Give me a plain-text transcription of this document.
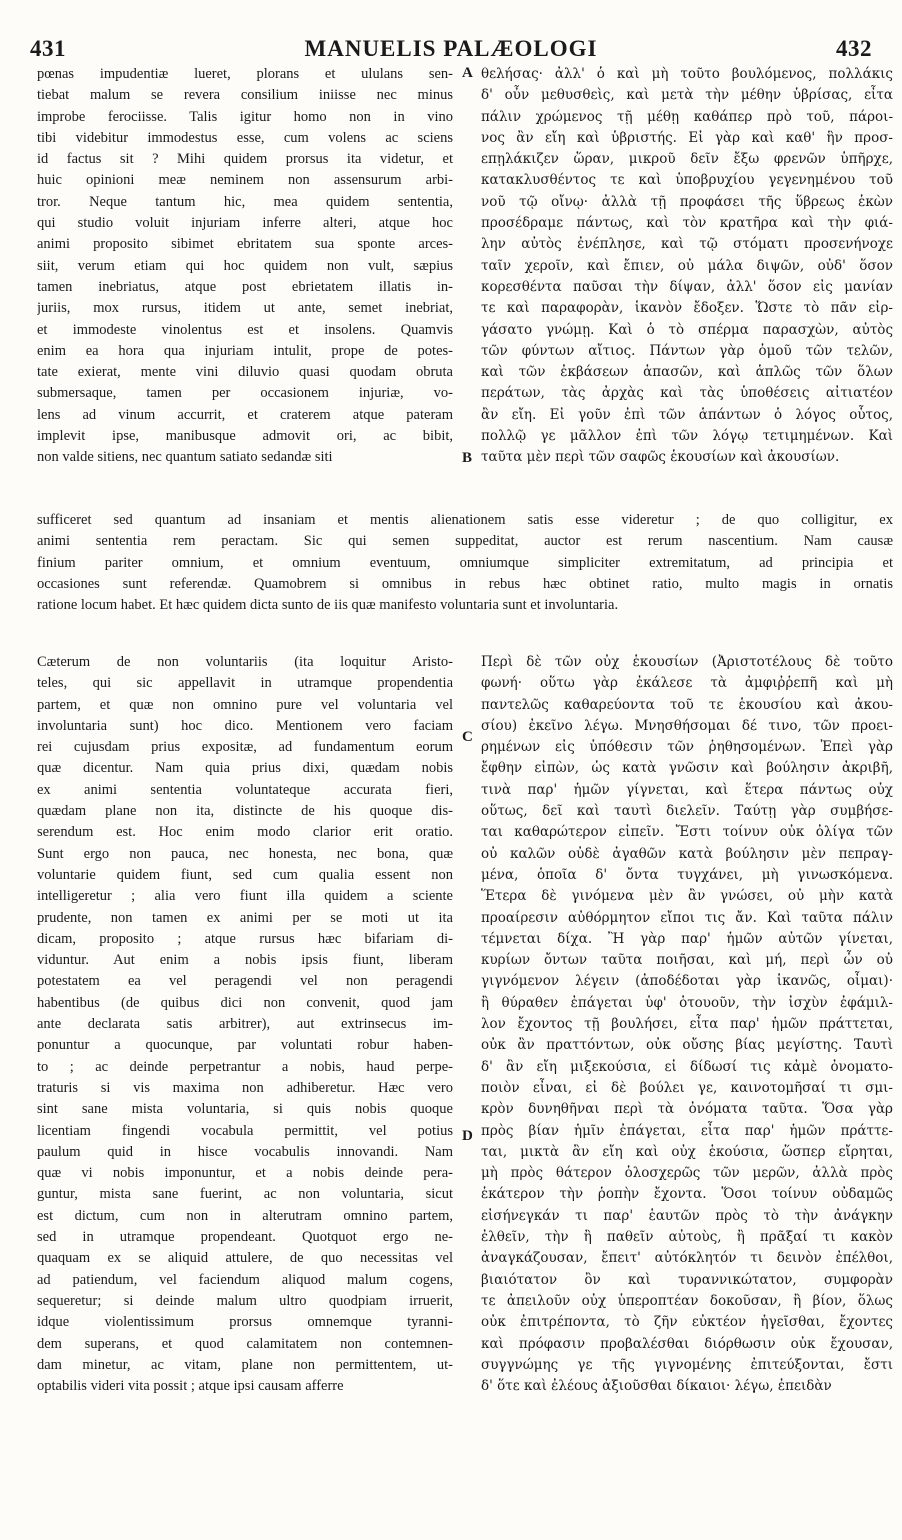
431	MANUELIS PALÆOLOGI	432
pœnas impudentiæ lueret, plorans et ululans sen-
tiebat malum se revera consilium iniisse nec minus
improbe ferociisse. Talis igitur homo non in vino
tibi videbitur immodestus esse, cum volens ac sciens
id factus sit ? Mihi quidem prorsus ita videtur, et
huic opinioni meæ neminem non assensurum arbi-
tror. Neque tantum hic, mea quidem sententia,
qui studio voluit injuriam inferre alteri, atque hoc
animi proposito sibimet ebritatem sua sponte arces-
siit, verum etiam qui hoc quidem non vult, sæpius
tamen inebriatus, atque post ebrietatem illatis in-
juriis, mox rursus, itidem ut ante, semet inebriat,
et immodeste vinolentus est et insolens. Quamvis
enim ea hora qua injuriam intulit, prope de potes-
tate exierat, mente vini diluvio quasi quodam obruta
submersaque, tamen per occasionem injuriæ, vo-
lens ad vinum accurrit, et craterem atque pateram
implevit ipse, manibusque admovit ori, ac bibit,
non valde sitiens, nec quantum satiato sedandæ siti
θελήσας· ἀλλ' ὁ καὶ μὴ τοῦτο βουλόμενος, πολλάκις
δ' οὖν μεθυσθεὶς, καὶ μετὰ τὴν μέθην ὑβρίσας, εἶτα
πάλιν χρώμενος τῇ μέθῃ καθάπερ πρὸ τοῦ, πάροι-
νος ἂν εἴη καὶ ὑβριστής. Εἰ γὰρ καὶ καθ' ἣν προσ-
επῃλάκιζεν ὥραν, μικροῦ δεῖν ἔξω φρενῶν ὑπῆρχε,
κατακλυσθέντος τε καὶ ὑποβρυχίου γεγενημένου τοῦ
νοῦ τῷ οἴνῳ· ἀλλὰ τῇ προφάσει τῆς ὕβρεως ἑκὼν
προσέδραμε πάντως, καὶ τὸν κρατῆρα καὶ τὴν φιά-
λην αὐτὸς ἐνέπλησε, καὶ τῷ στόματι προσενήνοχε
ταῖν χεροῖν, καὶ ἔπιεν, οὐ μάλα διψῶν, οὐδ' ὅσον
κορεσθέντα παῦσαι τὴν δίψαν, ἀλλ' ὅσον εἰς μανίαν
τε καὶ παραφορὰν, ἱκανὸν ἔδοξεν. Ὥστε τὸ πᾶν εἰρ-
γάσατο γνώμῃ. Καὶ ὁ τὸ σπέρμα παρασχὼν, αὐτὸς
τῶν φύντων αἴτιος. Πάντων γὰρ ὁμοῦ τῶν τελῶν,
καὶ τῶν ἐκβάσεων ἁπασῶν, καὶ ἁπλῶς τῶν ὅλων
περάτων, τὰς ἀρχὰς καὶ τὰς ὑποθέσεις αἰτιατέον
ἂν εἴη. Εἰ γοῦν ἐπὶ τῶν ἁπάντων ὁ λόγος οὗτος,
πολλῷ γε μᾶλλον ἐπὶ τῶν λόγῳ τετιμημένων. Καὶ
ταῦτα μὲν περὶ τῶν σαφῶς ἑκουσίων καὶ ἀκουσίων.
sufficeret sed quantum ad insaniam et mentis alienationem satis esse videretur ; de quo colligitur, ex
animi sententia rem peractam. Sic qui semen suppeditat, auctor est rerum nascentium. Nam causæ
finium pariter omnium, et omnium eventuum, omniumque simpliciter extremitatum, ad principia et
occasiones sunt referendæ. Quamobrem si omnibus in rebus hæc obtinet ratio, multo magis in ornatis
ratione locum habet. Et hæc quidem dicta sunto de iis quæ manifesto voluntaria sunt et involuntaria.
Cæterum de non voluntariis (ita loquitur Aristo-
teles, qui sic appellavit in utramque propendentia
partem, et quæ non omnino pure vel voluntaria vel
involuntaria sunt) hoc dico. Mentionem vero faciam
rei cujusdam prius expositæ, ad fundamentum eorum
quæ dicentur. Nam quia prius dixi, quædam nobis
ex animi sententia voluntateque accurata fieri,
quædam plane non ita, distincte de his quoque dis-
serendum est. Hoc enim modo clarior erit oratio.
Sunt ergo non pauca, nec honesta, nec bona, quæ
voluntarie quidem fiunt, sed cum qualia essent non
intelligeretur ; alia vero fiunt illa quidem a sciente
prudente, non tamen ex animi per se moti ut ita
dicam, proposito ; atque rursus hæc bifariam di-
viduntur. Aut enim a nobis ipsis fiunt, liberam
potestatem ea vel peragendi vel non peragendi
habentibus (de quibus dici non convenit, quod jam
ante declarata satis arbitrer), aut extrinsecus im-
ponuntur a quocunque, par voluntati robur haben-
to ; ac deinde perpetrantur a nobis, haud perpe-
traturis si vis maxima non adhiberetur. Hæc vero
sint sane mista voluntaria, si quis nobis quoque
licentiam fingendi vocabula permittit, vel potius
paulum quid in hisce vocabulis innovandi. Nam
quæ vi nobis imponuntur, et a nobis deinde pera-
guntur, mista sane fuerint, ac non voluntaria, sicut
est dictum, cum non in alterutram omnino partem,
sed in utramque propendeant. Quotquot ergo ne-
quaquam ex se aliquid attulere, de quo necessitas vel
ad patiendum, vel faciendum aliquod malum cogens,
sequeretur; si deinde malum ultro quodpiam irruerit,
idque violentissimum prorsus omnemque tyranni-
dem superans, et quod calamitatem non contemnen-
dam minetur, ac vitam, plane non permittentem, ut-
optabilis videri vita possit ; atque ipsi causam afferre
Περὶ δὲ τῶν οὐχ ἑκουσίων (Ἀριστοτέλους δὲ τοῦτο
φωνή· οὕτω γὰρ ἐκάλεσε τὰ ἀμφιῤῥεπῆ καὶ μὴ
παντελῶς καθαρεύοντα τοῦ τε ἑκουσίου καὶ ἀκου-
σίου) ἐκεῖνο λέγω. Μνησθήσομαι δέ τινο, τῶν προει-
ρημένων εἰς ὑπόθεσιν τῶν ῥηθησομένων. Ἐπεὶ γὰρ
ἔφθην εἰπὼν, ὡς κατὰ γνῶσιν καὶ βούλησιν ἀκριβῆ,
τινὰ παρ' ἡμῶν γίγνεται, καὶ ἕτερα πάντως οὐχ
οὕτως, δεῖ καὶ ταυτὶ διελεῖν. Ταύτῃ γὰρ συμβήσε-
ται καθαρώτερον εἰπεῖν. Ἔστι τοίνυν οὐκ ὀλίγα τῶν
οὐ καλῶν οὐδὲ ἀγαθῶν κατὰ βούλησιν μὲν πεπραγ-
μένα, ὁποῖα δ' ὄντα τυγχάνει, μὴ γινωσκόμενα.
Ἕτερα δὲ γινόμενα μὲν ἂν γνώσει, οὐ μὴν κατὰ
προαίρεσιν αὐθόρμητον εἴποι τις ἄν. Καὶ ταῦτα πάλιν
τέμνεται δίχα. Ἢ γὰρ παρ' ἡμῶν αὐτῶν γίνεται,
κυρίων ὄντων ταῦτα ποιῆσαι, καὶ μή, περὶ ὧν οὐ
γιγνόμενον λέγειν (ἀποδέδοται γὰρ ἱκανῶς, οἶμαι)·
ἢ θύραθεν ἐπάγεται ὑφ' ὁτουοῦν, τὴν ἰσχὺν ἐφάμιλ-
λον ἔχοντος τῇ βουλήσει, εἶτα παρ' ἡμῶν πράττεται,
οὐκ ἂν πραττόντων, οὐκ οὔσης βίας μεγίστης. Ταυτὶ
δ' ἂν εἴη μιξεκούσια, εἰ δίδωσί τις κἀμὲ ὀνοματο-
ποιὸν εἶναι, εἰ δὲ βούλει γε, καινοτομῆσαί τι σμι-
κρὸν δυνηθῆναι περὶ τὰ ὀνόματα ταῦτα. Ὅσα γὰρ
πρὸς βίαν ἡμῖν ἐπάγεται, εἶτα παρ' ἡμῶν πράττε-
ται, μικτὰ ἂν εἴη καὶ οὐχ ἑκούσια, ὥσπερ εἴρηται,
μὴ πρὸς θάτερον ὁλοσχερῶς τῶν μερῶν, ἀλλὰ πρὸς
ἑκάτερον τὴν ῥοπὴν ἔχοντα. Ὅσοι τοίνυν οὐδαμῶς
εἰσήνεγκάν τι παρ' ἑαυτῶν πρὸς τὸ τὴν ἀνάγκην
ἐλθεῖν, τὴν ἢ παθεῖν αὐτοὺς, ἢ πρᾶξαί τι κακὸν
ἀναγκάζουσαν, ἔπειτ' αὐτόκλητόν τι δεινὸν ἐπέλθοι,
βιαιότατον ὂν καὶ τυραννικώτατον, συμφορὰν
τε ἀπειλοῦν οὐχ ὑπεροπτέαν δοκοῦσαν, ἢ βίον, ὅλως
οὐκ ἐπιτρέποντα, τὸ ζῆν εὐκτέον ἡγεῖσθαι, ἔχοντες
καὶ πρόφασιν προβαλέσθαι διόρθωσιν οὐκ ἔχουσαν,
συγγνώμης γε τῆς γιγνομένης ἐπιτεύξονται, ἔστι
δ' ὅτε καὶ ἐλέους ἀξιοῦσθαι δίκαιοι· λέγω, ἐπειδὰν
A
B
C
D
